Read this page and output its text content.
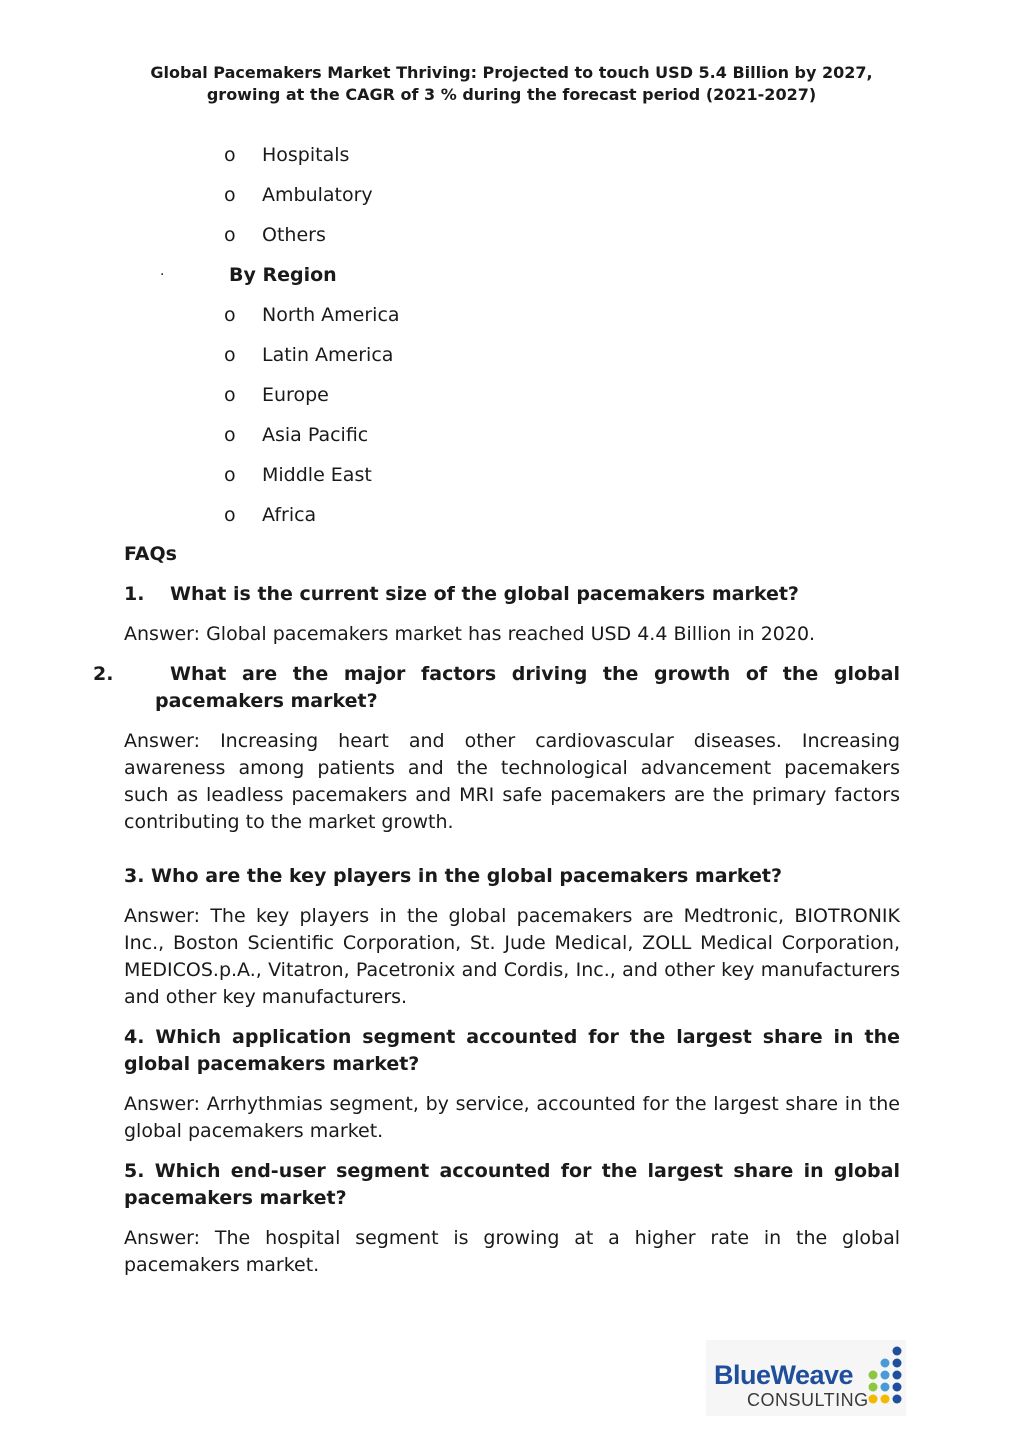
Global Pacemakers Market Thriving: Projected to touch USD 5.4 Billion by 2027,
growing at the CAGR of 3 % during the forecast period (2021-2027)
o Hospitals
o Ambulatory
o Others
·	By Region
o North America
o Latin America
o Europe
o Asia Pacific
o Middle East
o Africa
FAQs
1. What is the current size of the global pacemakers market?
Answer: Global pacemakers market has reached USD 4.4 Billion in 2020.
2.	What are the major factors driving the growth of the global pacemakers market?
Answer: Increasing heart and other cardiovascular diseases. Increasing awareness among patients and the technological advancement pacemakers such as leadless pacemakers and MRI safe pacemakers are the primary factors contributing to the market growth.
3. Who are the key players in the global pacemakers market?
Answer: The key players in the global pacemakers are Medtronic, BIOTRONIK Inc., Boston Scientific Corporation, St. Jude Medical, ZOLL Medical Corporation, MEDICOS.p.A., Vitatron, Pacetronix and Cordis, Inc., and other key manufacturers and other key manufacturers.
4. Which application segment accounted for the largest share in the global pacemakers market?
Answer: Arrhythmias segment, by service, accounted for the largest share in the global pacemakers market.
5. Which end-user segment accounted for the largest share in global pacemakers market?
Answer: The hospital segment is growing at a higher rate in the global pacemakers market.
BlueWeave
CONSULTING
